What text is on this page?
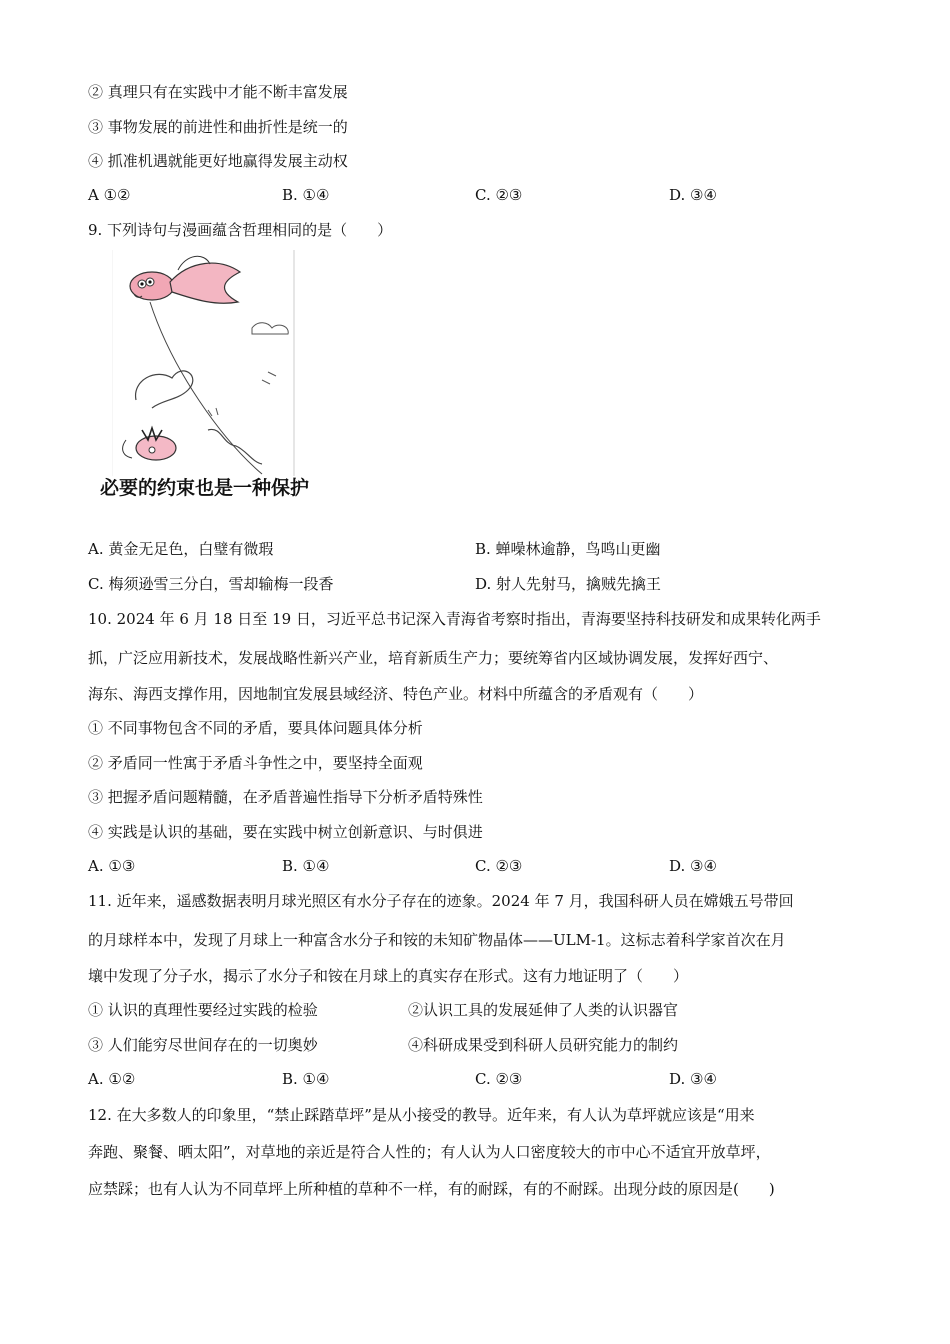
② 真理只有在实践中才能不断丰富发展
③ 事物发展的前进性和曲折性是统一的
④ 抓准机遇就能更好地赢得发展主动权
A ①②	B. ①④	C. ②③	D. ③④
9. 下列诗句与漫画蕴含哲理相同的是（　　）
必要的约束也是一种保护
A. 黄金无足色，白璧有微瑕	B. 蝉噪林逾静，鸟鸣山更幽
C. 梅须逊雪三分白，雪却输梅一段香	D. 射人先射马，擒贼先擒王
10. 2024 年 6 月 18 日至 19 日，习近平总书记深入青海省考察时指出，青海要坚持科技研发和成果转化两手
抓，广泛应用新技术，发展战略性新兴产业，培育新质生产力；要统筹省内区域协调发展，发挥好西宁、
海东、海西支撑作用，因地制宜发展县域经济、特色产业。材料中所蕴含的矛盾观有（　　）
① 不同事物包含不同的矛盾，要具体问题具体分析
② 矛盾同一性寓于矛盾斗争性之中，要坚持全面观
③ 把握矛盾问题精髓，在矛盾普遍性指导下分析矛盾特殊性
④ 实践是认识的基础，要在实践中树立创新意识、与时俱进
A. ①③	B. ①④	C. ②③	D. ③④
11. 近年来，遥感数据表明月球光照区有水分子存在的迹象。2024 年 7 月，我国科研人员在嫦娥五号带回
的月球样本中，发现了月球上一种富含水分子和铵的未知矿物晶体——ULM-1。这标志着科学家首次在月
壤中发现了分子水，揭示了水分子和铵在月球上的真实存在形式。这有力地证明了（　　）
① 认识的真理性要经过实践的检验	②认识工具的发展延伸了人类的认识器官
③ 人们能穷尽世间存在的一切奥妙	④科研成果受到科研人员研究能力的制约
A. ①②	B. ①④	C. ②③	D. ③④
12. 在大多数人的印象里，“禁止踩踏草坪”是从小接受的教导。近年来，有人认为草坪就应该是“用来
奔跑、聚餐、晒太阳”，对草地的亲近是符合人性的；有人认为人口密度较大的市中心不适宜开放草坪，
应禁踩；也有人认为不同草坪上所种植的草种不一样，有的耐踩，有的不耐踩。出现分歧的原因是(　　)
